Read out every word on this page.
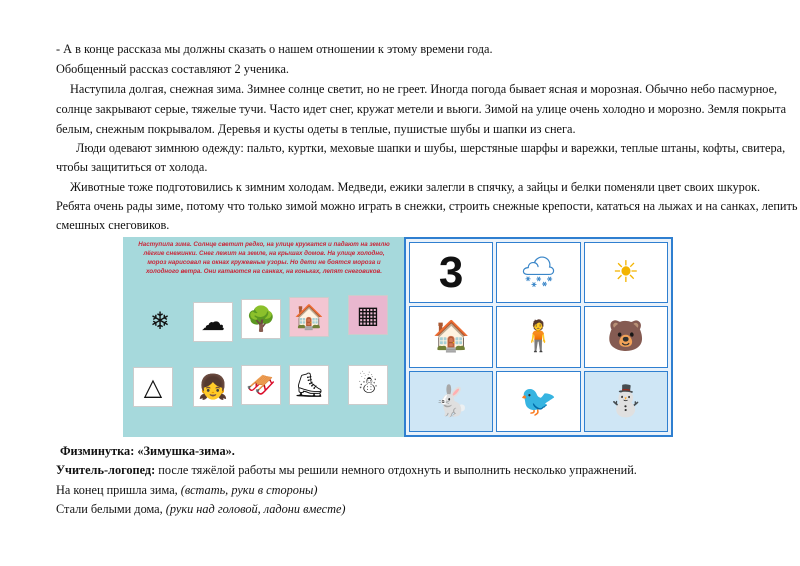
- А в конце рассказа мы должны сказать о нашем отношении к этому времени года.
Обобщенный рассказ составляют 2 ученика.
Наступила долгая, снежная зима. Зимнее солнце светит, но не греет. Иногда погода бывает ясная и морозная. Обычно небо пасмурное,
солнце закрывают серые, тяжелые тучи. Часто идет снег, кружат метели и вьюги. Зимой на улице очень холодно и морозно. Земля покрыта
белым, снежным покрывалом. Деревья и кусты одеты в теплые, пушистые шубы и шапки из снега.
Люди одевают зимнюю одежду: пальто, куртки, меховые шапки и шубы, шерстяные шарфы и варежки, теплые штаны, кофты, свитера,
чтобы защититься от холода.
Животные тоже подготовились к зимним холодам. Медведи, ежики залегли в спячку, а зайцы и белки поменяли цвет своих шкурок.
Ребята очень рады зиме, потому что только зимой можно играть в снежки, строить снежные крепости, кататься на лыжах и на санках, лепить
смешных снеговиков.
Наступила зима. Солнце светит редко, на улице кружатся и падают на землю лёгкие снежинки. Снег лежит на земле, на крышах домов. На улице холодно, мороз нарисовал на окнах кружевные узоры. Но дети не боятся мороза и холодного ветра. Они катаются на санках, на коньках, лепят снеговиков.
❄	☁ 🌳 🏠	▦
△	👧 🛷 ⛸	☃
3	🌨	☀
🏠	🧍	🐻
🐇	🐦	⛄
Физминутка: «Зимушка-зима».
Учитель-логопед: после тяжёлой работы мы решили немного отдохнуть и выполнить несколько упражнений.
На конец пришла зима, (встать, руки в стороны)
Стали белыми дома, (руки над головой, ладони вместе)
